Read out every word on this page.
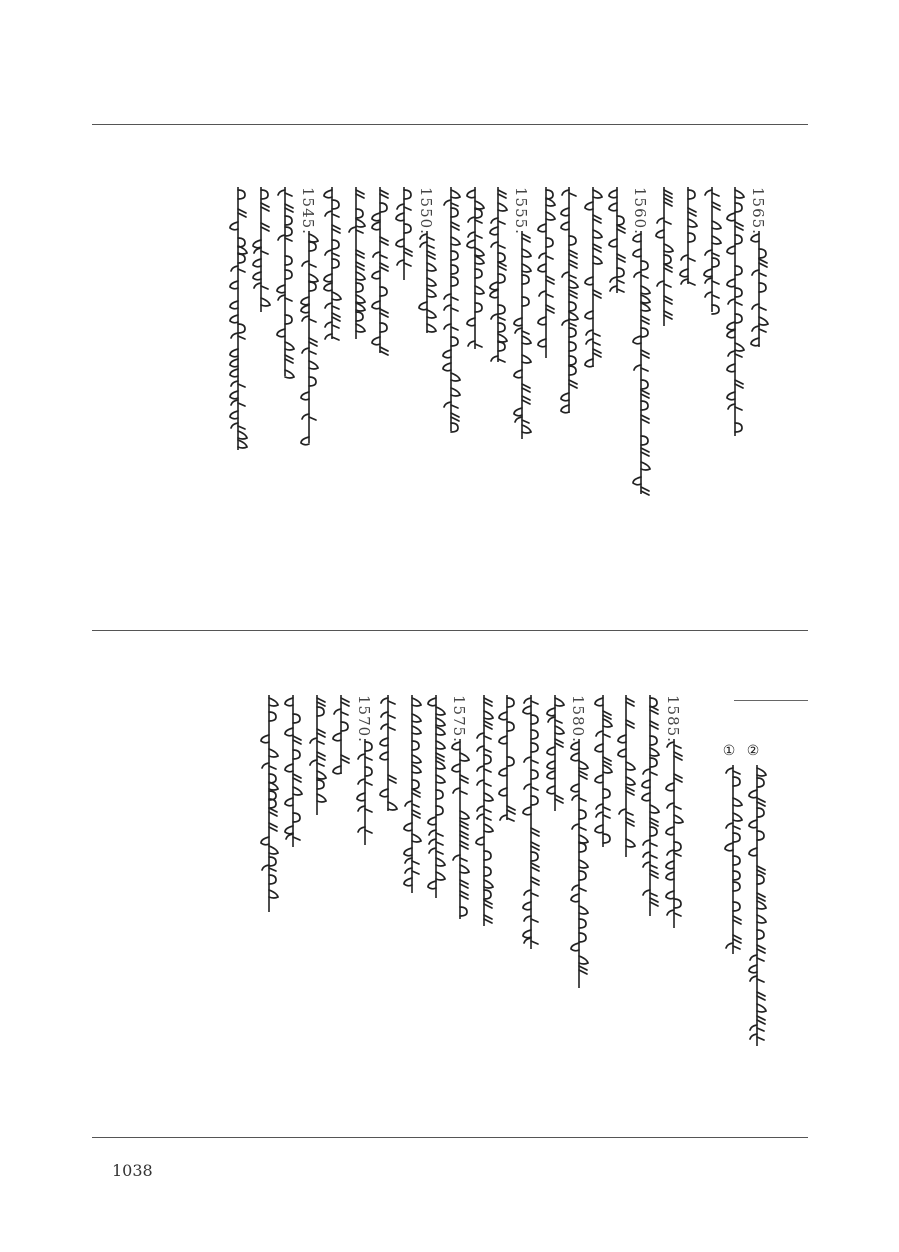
1565.
1560.
1555.
1550.
1545.
②
①
1585.
1580.
1575.
1570.
1038
